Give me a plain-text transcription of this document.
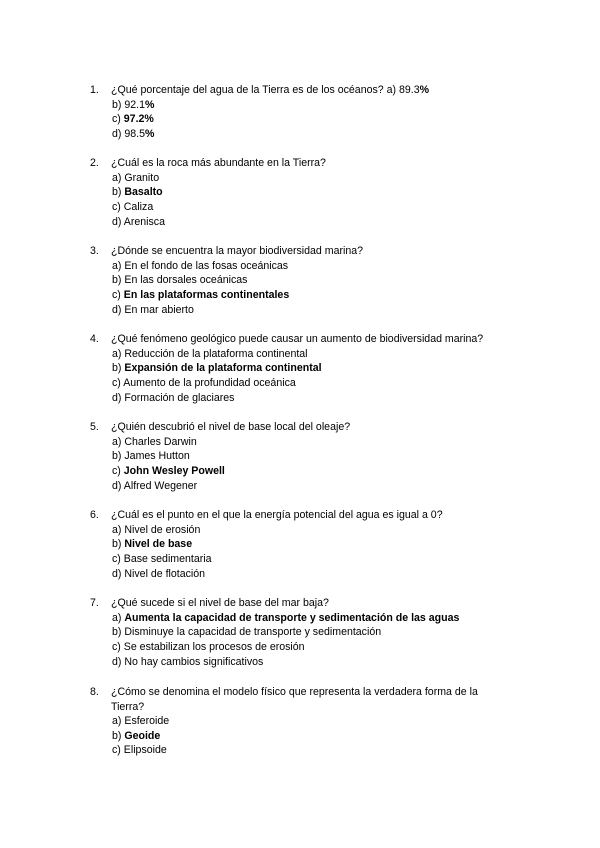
1. ¿Qué porcentaje del agua de la Tierra es de los océanos? a) 89.3%
b) 92.1%
c) 97.2%
d) 98.5%
2. ¿Cuál es la roca más abundante en la Tierra?
a) Granito
b) Basalto
c) Caliza
d) Arenisca
3. ¿Dónde se encuentra la mayor biodiversidad marina?
a) En el fondo de las fosas oceánicas
b) En las dorsales oceánicas
c) En las plataformas continentales
d) En mar abierto
4. ¿Qué fenómeno geológico puede causar un aumento de biodiversidad marina?
a) Reducción de la plataforma continental
b) Expansión de la plataforma continental
c) Aumento de la profundidad oceánica
d) Formación de glaciares
5. ¿Quién descubrió el nivel de base local del oleaje?
a) Charles Darwin
b) James Hutton
c) John Wesley Powell
d) Alfred Wegener
6. ¿Cuál es el punto en el que la energía potencial del agua es igual a 0?
a) Nivel de erosión
b) Nivel de base
c) Base sedimentaria
d) Nivel de flotación
7. ¿Qué sucede si el nivel de base del mar baja?
a) Aumenta la capacidad de transporte y sedimentación de las aguas
b) Disminuye la capacidad de transporte y sedimentación
c) Se estabilizan los procesos de erosión
d) No hay cambios significativos
8. ¿Cómo se denomina el modelo físico que representa la verdadera forma de la Tierra?
a) Esferoide
b) Geoide
c) Elipsoide
